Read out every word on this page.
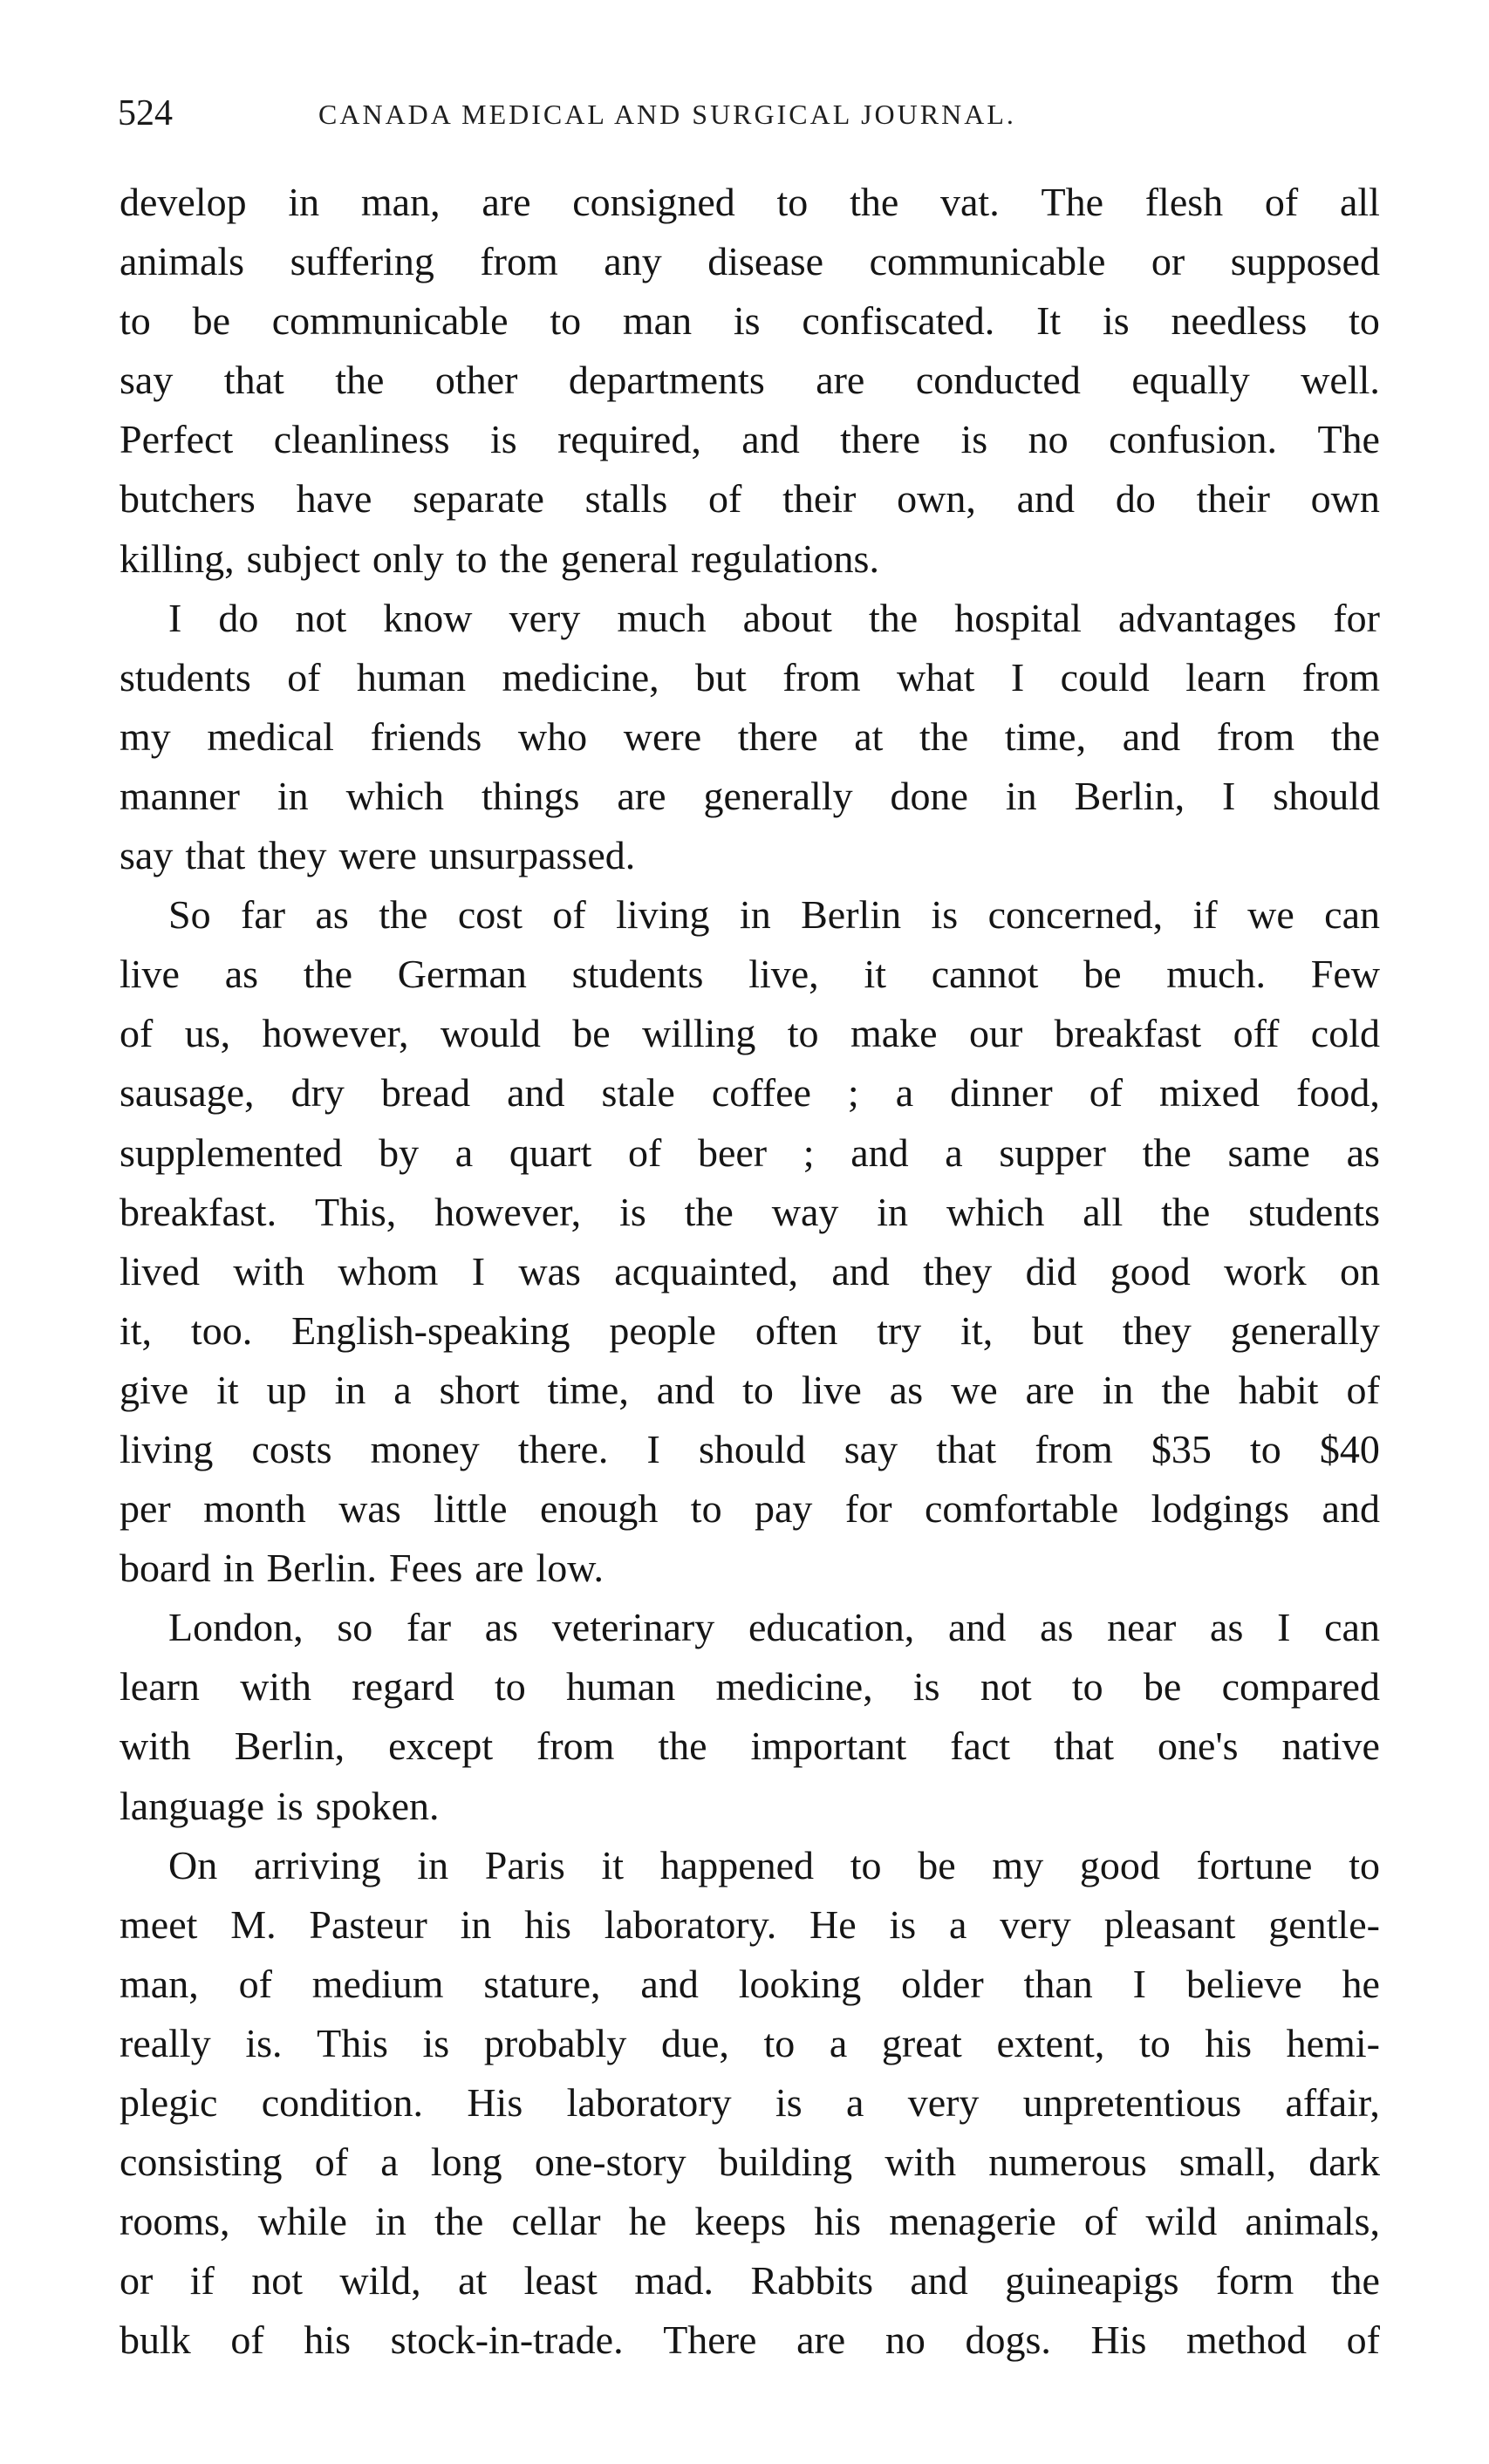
524	CANADA MEDICAL AND SURGICAL JOURNAL.
develop in man, are consigned to the vat. The flesh of all
animals suffering from any disease communicable or supposed
to be communicable to man is confiscated. It is needless to
say that the other departments are conducted equally well.
Perfect cleanliness is required, and there is no confusion. The
butchers have separate stalls of their own, and do their own
killing, subject only to the general regulations.
I do not know very much about the hospital advantages for
students of human medicine, but from what I could learn from
my medical friends who were there at the time, and from the
manner in which things are generally done in Berlin, I should
say that they were unsurpassed.
So far as the cost of living in Berlin is concerned, if we can
live as the German students live, it cannot be much. Few
of us, however, would be willing to make our breakfast off cold
sausage, dry bread and stale coffee ; a dinner of mixed food,
supplemented by a quart of beer ; and a supper the same as
breakfast. This, however, is the way in which all the students
lived with whom I was acquainted, and they did good work on
it, too. English-speaking people often try it, but they generally
give it up in a short time, and to live as we are in the habit of
living costs money there. I should say that from $35 to $40
per month was little enough to pay for comfortable lodgings and
board in Berlin. Fees are low.
London, so far as veterinary education, and as near as I can
learn with regard to human medicine, is not to be compared
with Berlin, except from the important fact that one's native
language is spoken.
On arriving in Paris it happened to be my good fortune to
meet M. Pasteur in his laboratory. He is a very pleasant gentle-
man, of medium stature, and looking older than I believe he
really is. This is probably due, to a great extent, to his hemi-
plegic condition. His laboratory is a very unpretentious affair,
consisting of a long one-story building with numerous small, dark
rooms, while in the cellar he keeps his menagerie of wild animals,
or if not wild, at least mad. Rabbits and guineapigs form the
bulk of his stock-in-trade. There are no dogs. His method of
